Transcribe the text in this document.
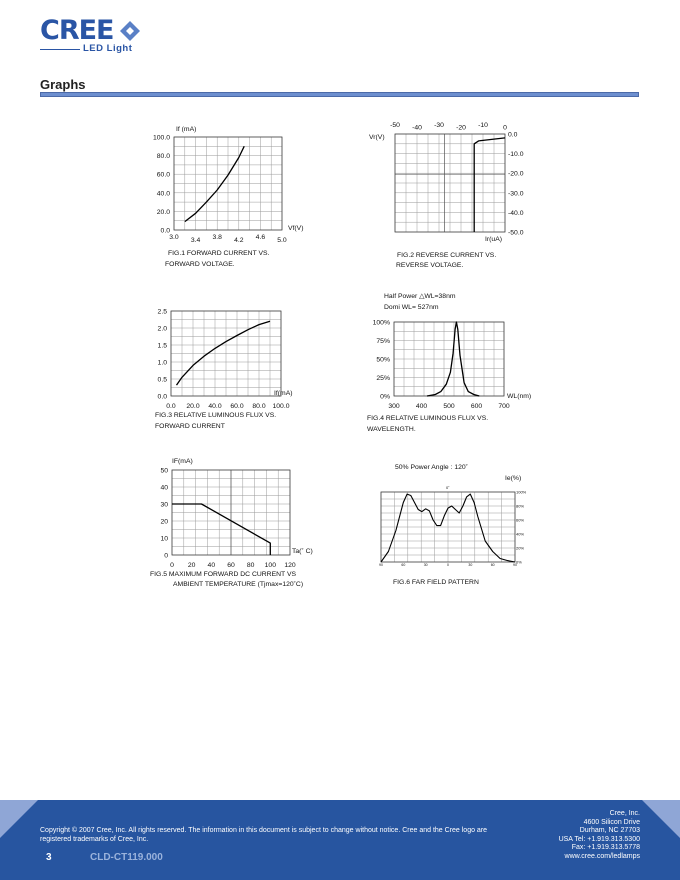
CREE
LED Light
Graphs
100.0
80.0
60.0
40.0
20.0
0.0
3.0 3.4 3.8 4.2 4.6 5.0
If (mA)
Vf(V)
FIG.1 FORWARD CURRENT VS.
FORWARD VOLTAGE.
0.0
-10.0
-20.0
-30.0
-40.0
-50.0
-50 -40 -30 -20 -10 0
Vr(V)
Ir(uA)
FIG.2 REVERSE CURRENT VS.
REVERSE VOLTAGE.
2.5
2.0
1.5
1.0
0.5
0.0
0.0 20.0 40.0 60.0 80.0 100.0
If(mA)
FIG.3 RELATIVE LUMINOUS FLUX VS.
FORWARD CURRENT
100%
75%
50%
25%
0%
300 400 500 600 700
Half Power △WL=38nm
Domi WL= 527nm
WL(nm)
FIG.4 RELATIVE LUMINOUS FLUX VS.
WAVELENGTH.
50
40
30
20
10
0
0 20 40 60 80 100 120
IF(mA)
Ta(˚ C)
FIG.5 MAXIMUM FORWARD DC CURRENT VS
AMBIENT TEMPERATURE (Tjmax=120˚C)
100%
80%
60%
40%
20%
0%
90	60	30	0	30	60	90
50% Power Angle : 120˚
Ie(%)
0˚
FIG.6 FAR FIELD PATTERN
Copyright © 2007 Cree, Inc. All rights reserved. The information in this document is subject to change without notice. Cree and the Cree logo are registered trademarks of Cree, Inc.
3	CLD-CT119.000
Cree, Inc.
4600 Silicon Drive
Durham, NC 27703
USA Tel: +1.919.313.5300
Fax: +1.919.313.5778
www.cree.com/ledlamps
